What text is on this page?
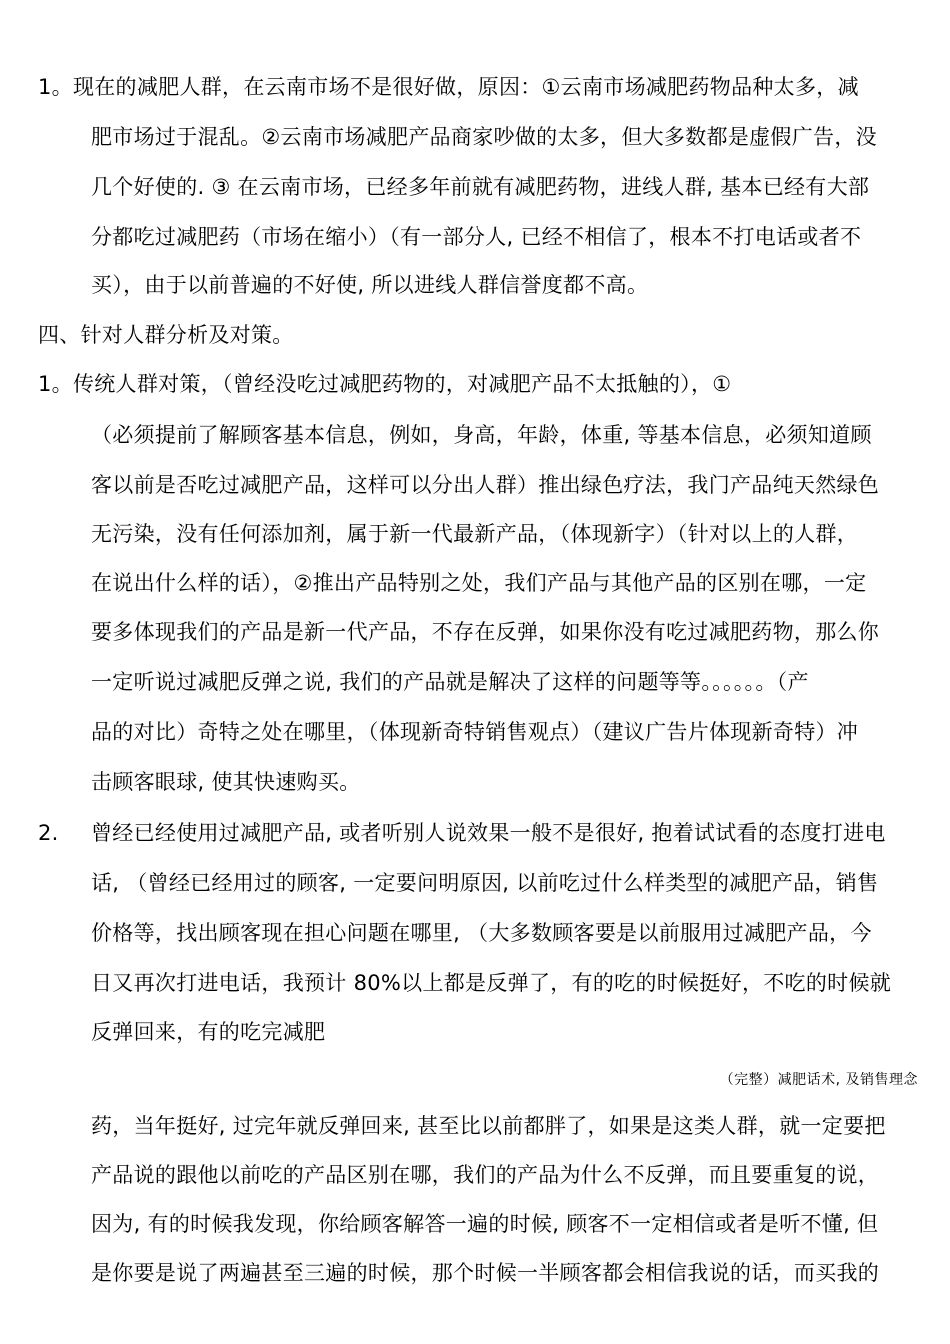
1。现在的减肥人群，在云南市场不是很好做，原因：①云南市场减肥药物品种太多，减
肥市场过于混乱。②云南市场减肥产品商家吵做的太多，但大多数都是虚假广告，没
几个好使的. ③ 在云南市场，已经多年前就有减肥药物，进线人群, 基本已经有大部
分都吃过减肥药（市场在缩小）（有一部分人, 已经不相信了，根本不打电话或者不
买），由于以前普遍的不好使, 所以进线人群信誉度都不高。
四、针对人群分析及对策。
1。传统人群对策，（曾经没吃过减肥药物的，对减肥产品不太抵触的），①
（必须提前了解顾客基本信息，例如，身高，年龄，体重, 等基本信息，必须知道顾
客以前是否吃过减肥产品，这样可以分出人群）推出绿色疗法，我门产品纯天然绿色
无污染，没有任何添加剂，属于新一代最新产品，（体现新字）（针对以上的人群，
在说出什么样的话），②推出产品特别之处，我们产品与其他产品的区别在哪，一定
要多体现我们的产品是新一代产品，不存在反弹，如果你没有吃过减肥药物，那么你
一定听说过减肥反弹之说, 我们的产品就是解决了这样的问题等等。。。。。。（产
品的对比）奇特之处在哪里，（体现新奇特销售观点）（建议广告片体现新奇特）冲
击顾客眼球, 使其快速购买。
2. 曾经已经使用过减肥产品, 或者听别人说效果一般不是很好, 抱着试试看的态度打进电
话, （曾经已经用过的顾客, 一定要问明原因, 以前吃过什么样类型的减肥产品，销售
价格等，找出顾客现在担心问题在哪里, （大多数顾客要是以前服用过减肥产品，今
日又再次打进电话，我预计 80%以上都是反弹了，有的吃的时候挺好，不吃的时候就
反弹回来，有的吃完减肥
（完整）减肥话术, 及销售理念
药，当年挺好, 过完年就反弹回来, 甚至比以前都胖了，如果是这类人群，就一定要把
产品说的跟他以前吃的产品区别在哪，我们的产品为什么不反弹，而且要重复的说，
因为, 有的时候我发现，你给顾客解答一遍的时候, 顾客不一定相信或者是听不懂, 但
是你要是说了两遍甚至三遍的时候，那个时候一半顾客都会相信我说的话，而买我的
